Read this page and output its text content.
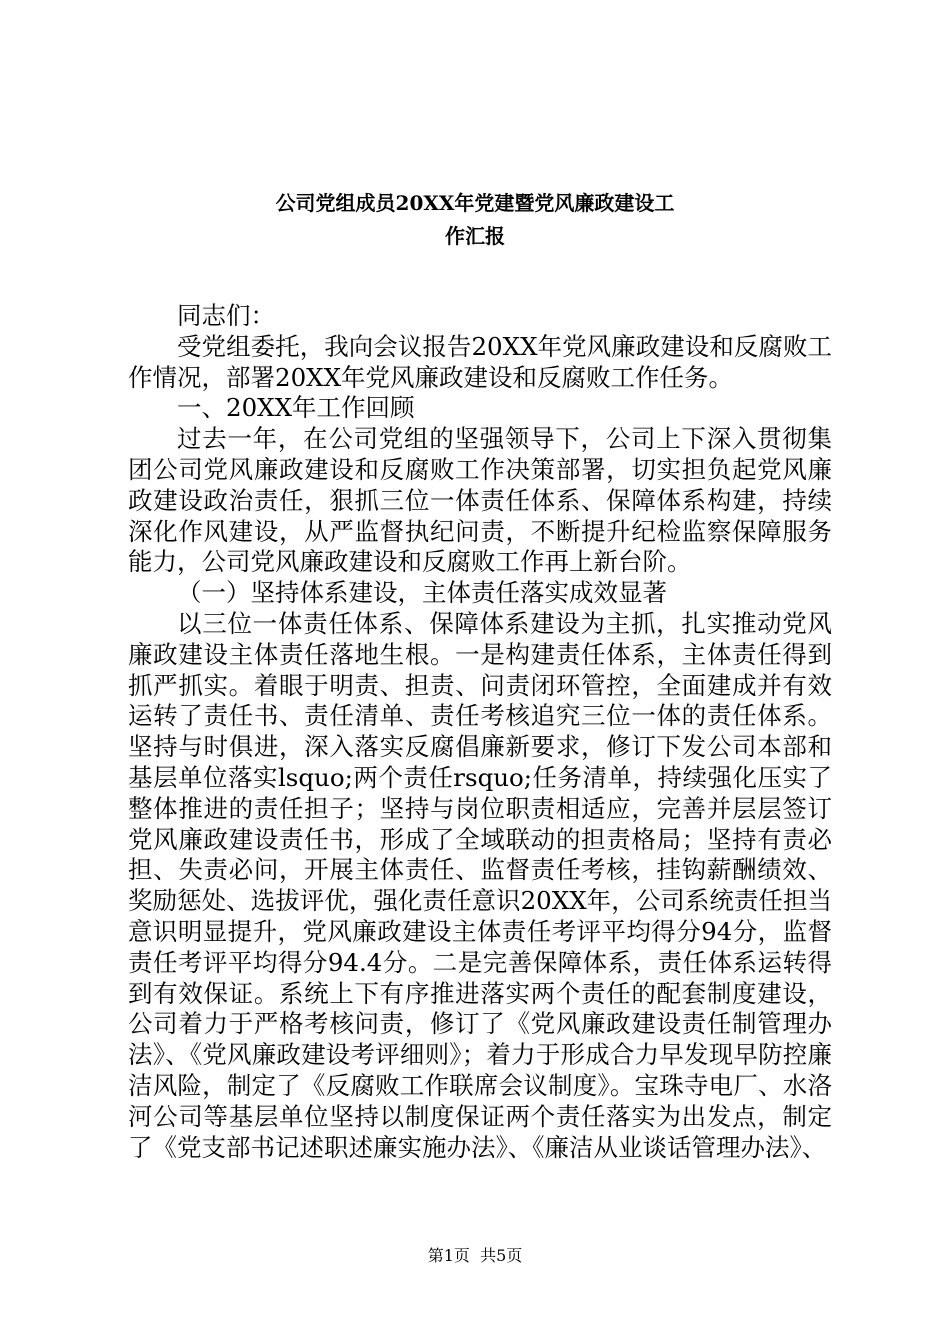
公司党组成员20XX年党建暨党风廉政建设工
作汇报

同志们：

受党组委托，我向会议报告20XX年党风廉政建设和反腐败工作情况，部署20XX年党风廉政建设和反腐败工作任务。

一、20XX年工作回顾

过去一年，在公司党组的坚强领导下，公司上下深入贯彻集团公司党风廉政建设和反腐败工作决策部署，切实担负起党风廉政建设政治责任，狠抓三位一体责任体系、保障体系构建，持续深化作风建设，从严监督执纪问责，不断提升纪检监察保障服务能力，公司党风廉政建设和反腐败工作再上新台阶。

（一）坚持体系建设，主体责任落实成效显著

以三位一体责任体系、保障体系建设为主抓，扎实推动党风廉政建设主体责任落地生根。一是构建责任体系，主体责任得到抓严抓实。着眼于明责、担责、问责闭环管控，全面建成并有效运转了责任书、责任清单、责任考核追究三位一体的责任体系。坚持与时俱进，深入落实反腐倡廉新要求，修订下发公司本部和基层单位落实lsquo;两个责任rsquo;任务清单，持续强化压实了整体推进的责任担子；坚持与岗位职责相适应，完善并层层签订党风廉政建设责任书，形成了全域联动的担责格局；坚持有责必担、失责必问，开展主体责任、监督责任考核，挂钩薪酬绩效、奖励惩处、选拔评优，强化责任意识20XX年，公司系统责任担当意识明显提升，党风廉政建设主体责任考评平均得分94分，监督责任考评平均得分94.4分。二是完善保障体系，责任体系运转得到有效保证。系统上下有序推进落实两个责任的配套制度建设，公司着力于严格考核问责，修订了《党风廉政建设责任制管理办法》、《党风廉政建设考评细则》；着力于形成合力早发现早防控廉洁风险，制定了《反腐败工作联席会议制度》。宝珠寺电厂、水洛河公司等基层单位坚持以制度保证两个责任落实为出发点，制定了《党支部书记述职述廉实施办法》、《廉洁从业谈话管理办法》、

第1页  共5页
